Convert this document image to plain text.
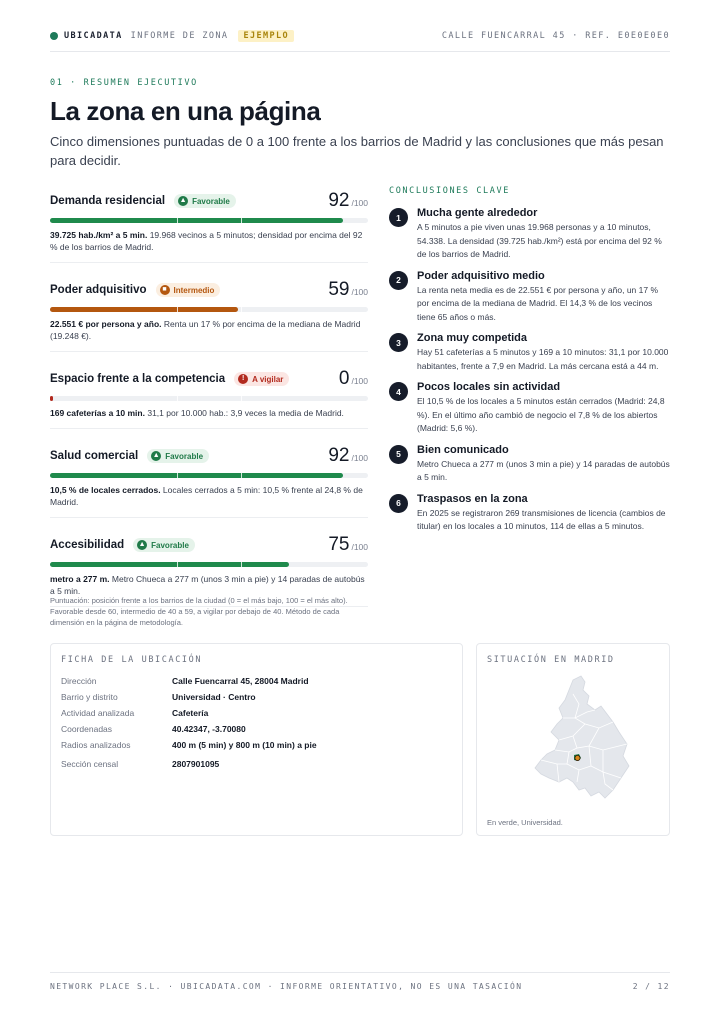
UBICADATA INFORME DE ZONA	EJEMPLO	CALLE FUENCARRAL 45 · REF. E0E0E0E0
01 · RESUMEN EJECUTIVO
La zona en una página

Cinco dimensiones puntuadas de 0 a 100 frente a los barrios de Madrid y las conclusiones que más pesan para decidir.

Demanda residencial ▲ Favorable	92 /100

39.725 hab./km² a 5 min. 19.968 vecinos a 5 minutos; densidad por encima del 92 % de los barrios de Madrid.

Poder adquisitivo	■ Intermedio	59 /100

22.551 € por persona y año. Renta un 17 % por encima de la mediana de Madrid (19.248 €).

Espacio frente a la competencia	! A vigilar	0 /100

169 cafeterías a 10 min. 31,1 por 10.000 hab.: 3,9 veces la media de Madrid.

Salud comercial ▲ Favorable	92 /100

10,5 % de locales cerrados. Locales cerrados a 5 min: 10,5 % frente al 24,8 % de Madrid.

Accesibilidad ▲ Favorable	75 /100

metro a 277 m. Metro Chueca a 277 m (unos 3 min a pie) y 14 paradas de autobús a 5 min.

Puntuación: posición frente a los barrios de la ciudad (0 = el más bajo, 100 = el más alto). Favorable desde 60, intermedio de 40 a 59, a vigilar por debajo de 40. Método de cada dimensión en la página de metodología.

CONCLUSIONES CLAVE
1	Mucha gente alrededor
A 5 minutos a pie viven unas 19.968 personas y a 10 minutos, 54.338. La densidad (39.725 hab./km²) está por encima del 92 % de los barrios de Madrid.
2	Poder adquisitivo medio
La renta neta media es de 22.551 € por persona y año, un 17 % por encima de la mediana de Madrid. El 14,3 % de los vecinos tiene 65 años o más.
3	Zona muy competida
Hay 51 cafeterías a 5 minutos y 169 a 10 minutos: 31,1 por 10.000 habitantes, frente a 7,9 en Madrid. La más cercana está a 44 m.
4	Pocos locales sin actividad
El 10,5 % de los locales a 5 minutos están cerrados (Madrid: 24,8 %). En el último año cambió de negocio el 7,8 % de los abiertos (Madrid: 5,6 %).
5	Bien comunicado
Metro Chueca a 277 m (unos 3 min a pie) y 14 paradas de autobús a 5 min.
6	Traspasos en la zona
En 2025 se registraron 269 transmisiones de licencia (cambios de titular) en los locales a 10 minutos, 114 de ellas a 5 minutos.
FICHA DE LA UBICACIÓN
Dirección	Calle Fuencarral 45, 28004 Madrid
Barrio y distrito	Universidad · Centro
Actividad analizada	Cafetería
Coordenadas	40.42347, -3.70080
Radios analizados	400 m (5 min) y 800 m (10 min) a pie
Sección censal	2807901095
SITUACIÓN EN MADRID
En verde, Universidad.
NETWORK PLACE S.L. · UBICADATA.COM · INFORME ORIENTATIVO, NO ES UNA TASACIÓN	2 / 12
